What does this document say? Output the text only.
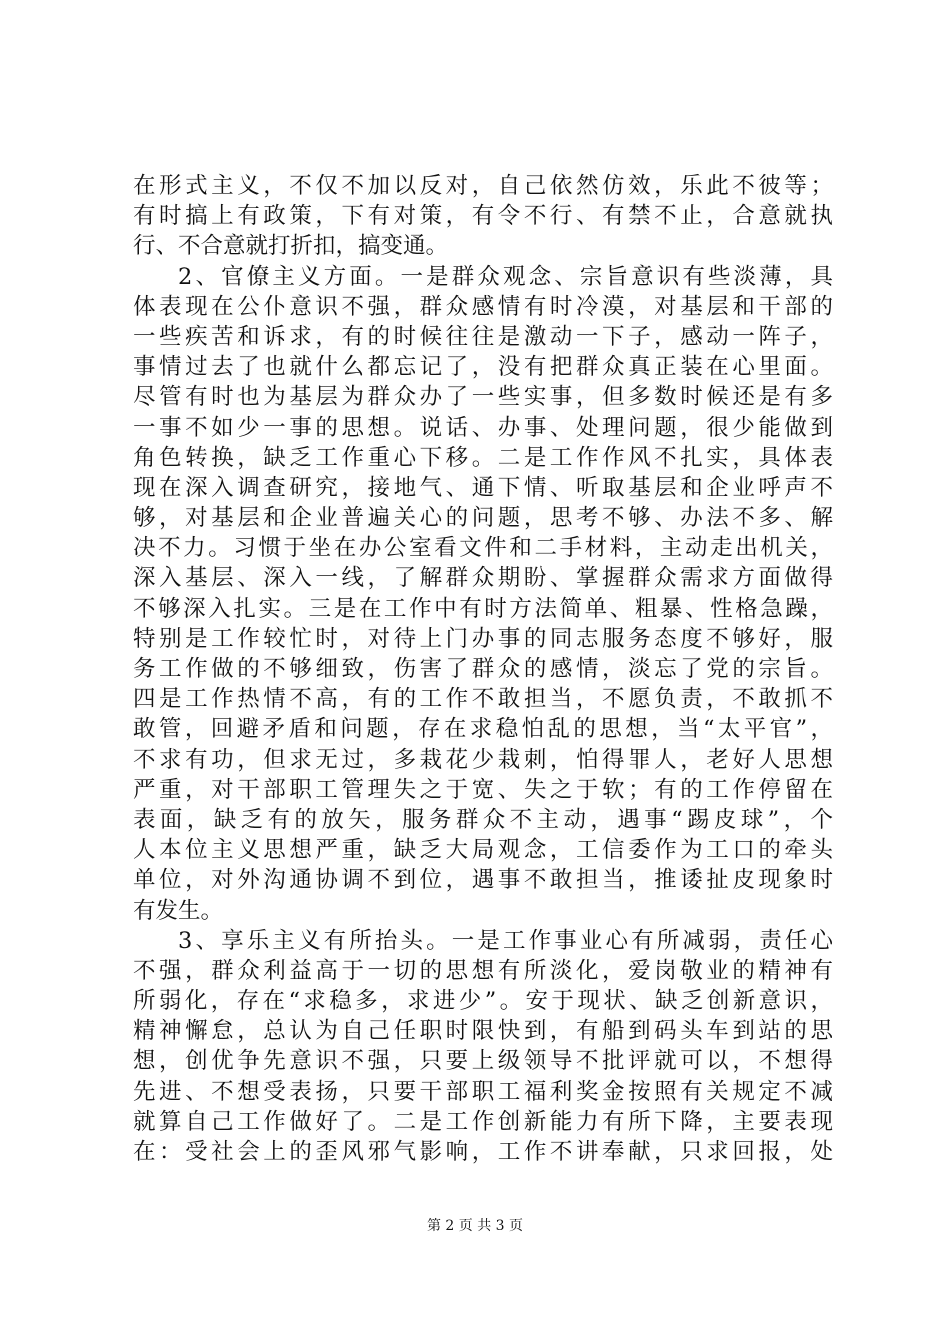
在形式主义，不仅不加以反对，自己依然仿效，乐此不彼等；
有时搞上有政策，下有对策，有令不行、有禁不止，合意就执
行、不合意就打折扣，搞变通。
2、官僚主义方面。一是群众观念、宗旨意识有些淡薄，具
体表现在公仆意识不强，群众感情有时冷漠，对基层和干部的
一些疾苦和诉求，有的时候往往是激动一下子，感动一阵子，
事情过去了也就什么都忘记了，没有把群众真正装在心里面。
尽管有时也为基层为群众办了一些实事，但多数时候还是有多
一事不如少一事的思想。说话、办事、处理问题，很少能做到
角色转换，缺乏工作重心下移。二是工作作风不扎实，具体表
现在深入调查研究，接地气、通下情、听取基层和企业呼声不
够，对基层和企业普遍关心的问题，思考不够、办法不多、解
决不力。习惯于坐在办公室看文件和二手材料，主动走出机关，
深入基层、深入一线，了解群众期盼、掌握群众需求方面做得
不够深入扎实。三是在工作中有时方法简单、粗暴、性格急躁，
特别是工作较忙时，对待上门办事的同志服务态度不够好，服
务工作做的不够细致，伤害了群众的感情，淡忘了党的宗旨。
四是工作热情不高，有的工作不敢担当，不愿负责，不敢抓不
敢管，回避矛盾和问题，存在求稳怕乱的思想，当“太平官”，
不求有功，但求无过，多栽花少栽刺，怕得罪人，老好人思想
严重，对干部职工管理失之于宽、失之于软；有的工作停留在
表面，缺乏有的放矢，服务群众不主动，遇事“踢皮球”，个
人本位主义思想严重，缺乏大局观念，工信委作为工口的牵头
单位，对外沟通协调不到位，遇事不敢担当，推诿扯皮现象时
有发生。
3、享乐主义有所抬头。一是工作事业心有所减弱，责任心
不强，群众利益高于一切的思想有所淡化，爱岗敬业的精神有
所弱化，存在“求稳多，求进少”。安于现状、缺乏创新意识，
精神懈怠，总认为自己任职时限快到，有船到码头车到站的思
想，创优争先意识不强，只要上级领导不批评就可以，不想得
先进、不想受表扬，只要干部职工福利奖金按照有关规定不减
就算自己工作做好了。二是工作创新能力有所下降，主要表现
在：受社会上的歪风邪气影响，工作不讲奉献，只求回报，处
第 2 页 共 3 页
